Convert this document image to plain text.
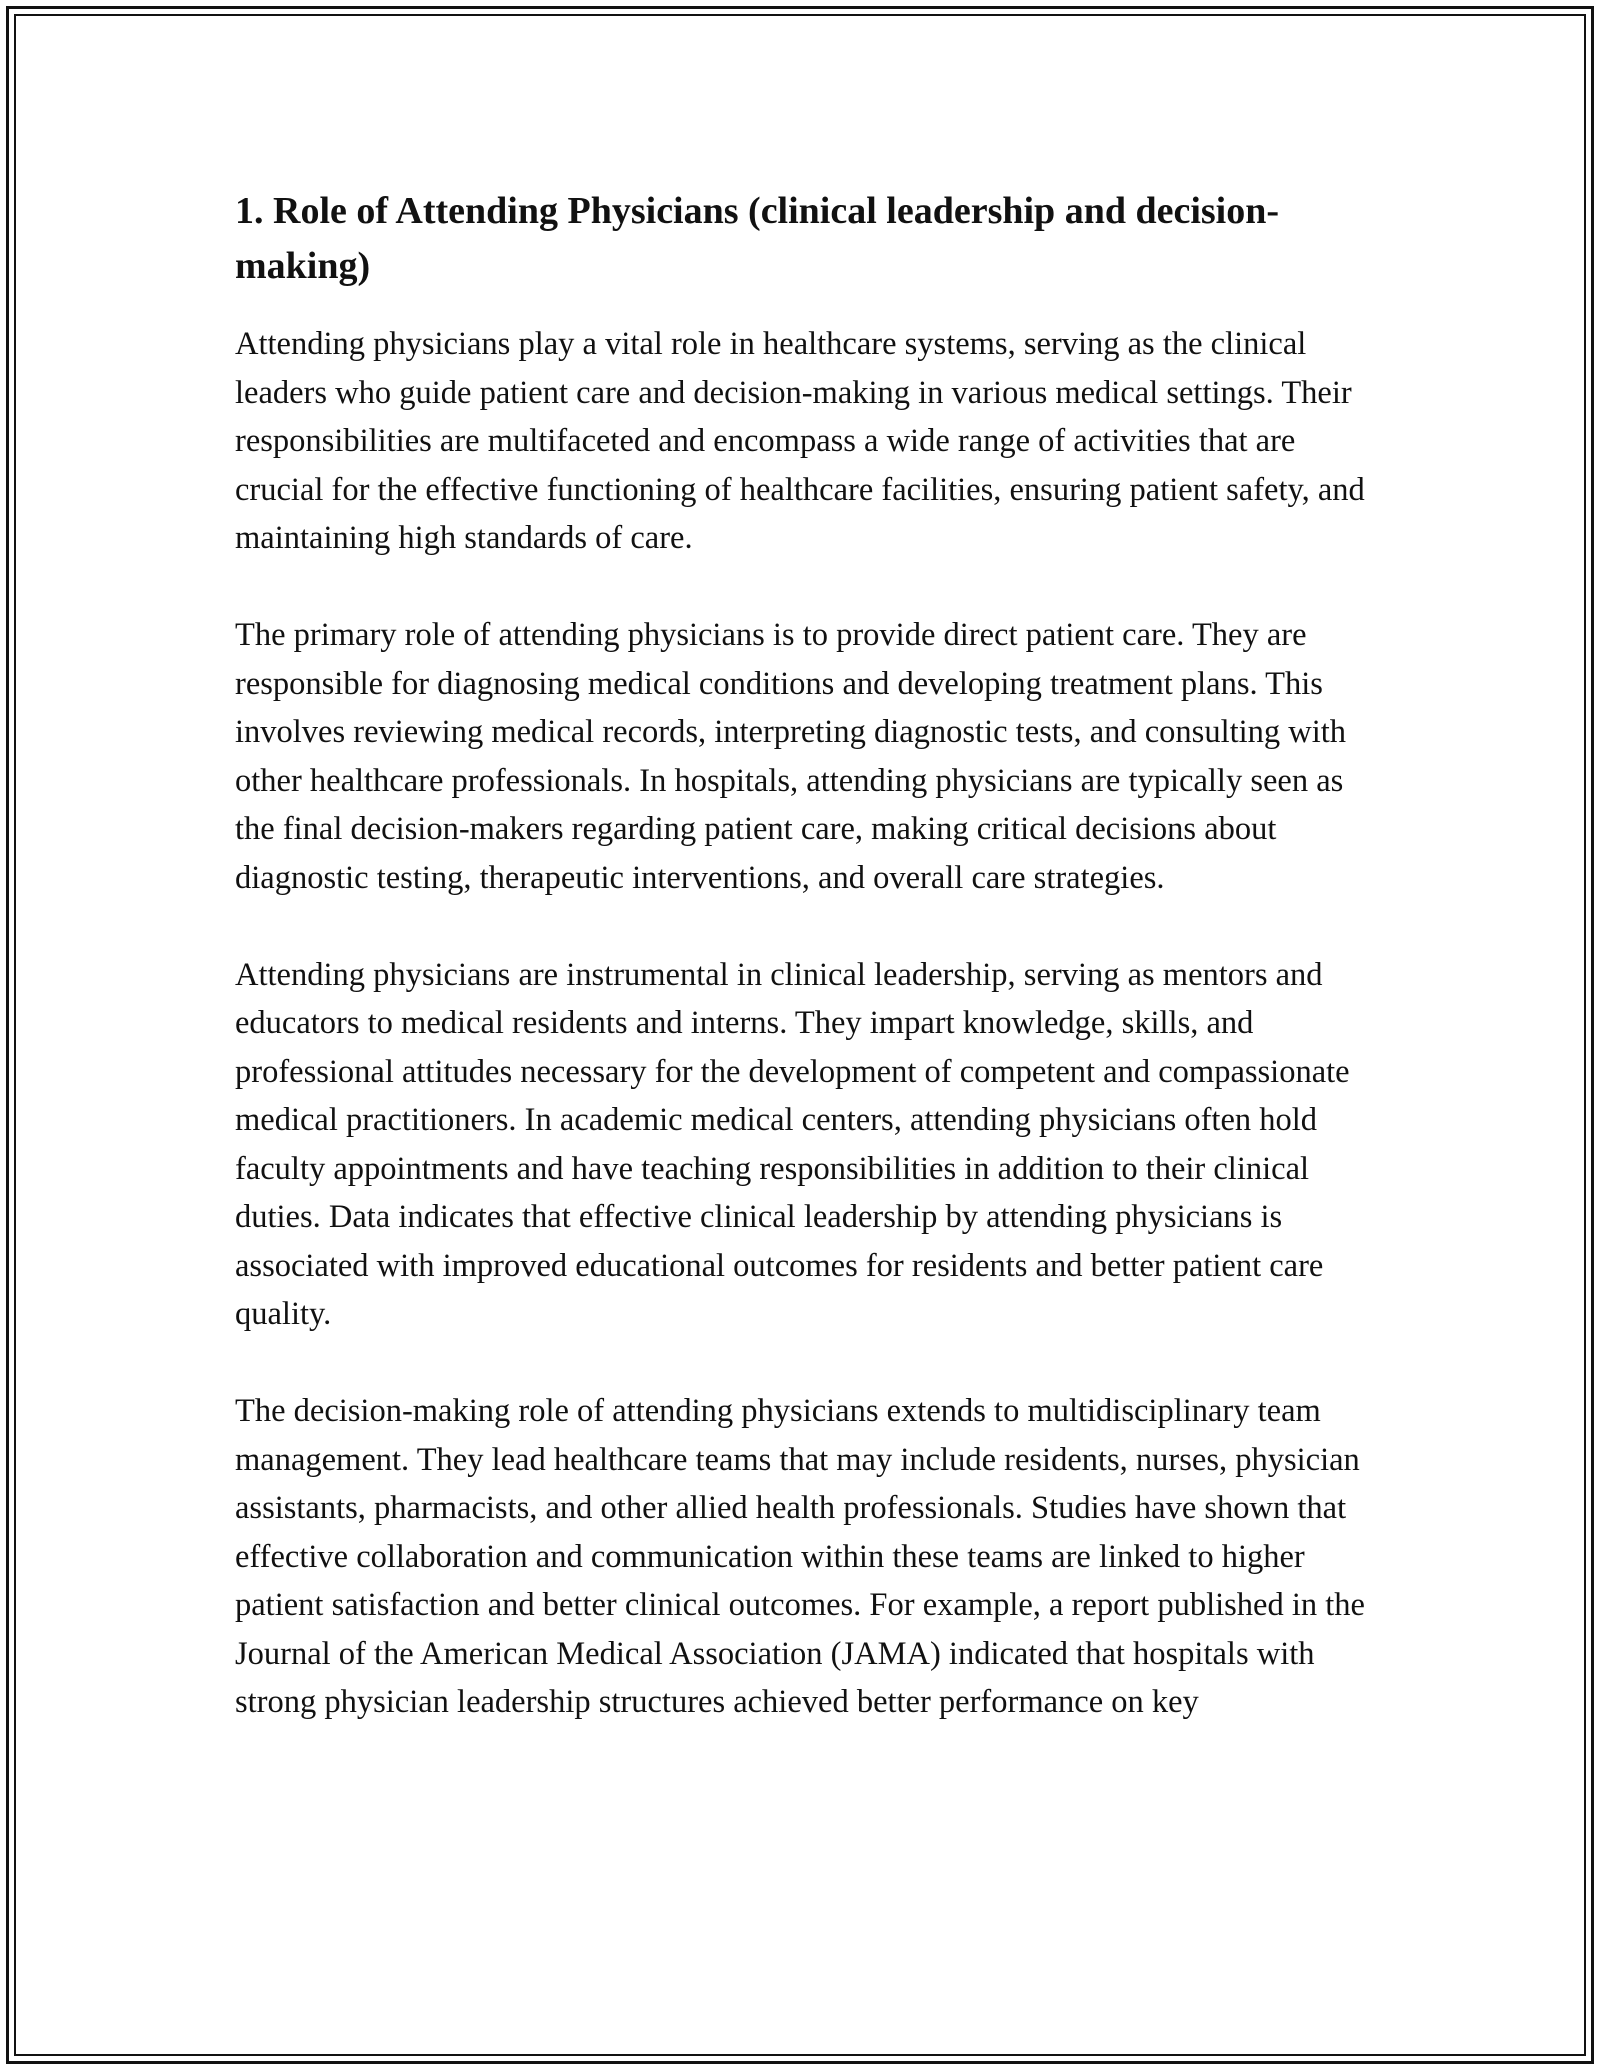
1. Role of Attending Physicians (clinical leadership and decision-making)

Attending physicians play a vital role in healthcare systems, serving as the clinical leaders who guide patient care and decision-making in various medical settings. Their responsibilities are multifaceted and encompass a wide range of activities that are crucial for the effective functioning of healthcare facilities, ensuring patient safety, and maintaining high standards of care.

The primary role of attending physicians is to provide direct patient care. They are responsible for diagnosing medical conditions and developing treatment plans. This involves reviewing medical records, interpreting diagnostic tests, and consulting with other healthcare professionals. In hospitals, attending physicians are typically seen as the final decision-makers regarding patient care, making critical decisions about diagnostic testing, therapeutic interventions, and overall care strategies.

Attending physicians are instrumental in clinical leadership, serving as mentors and educators to medical residents and interns. They impart knowledge, skills, and professional attitudes necessary for the development of competent and compassionate medical practitioners. In academic medical centers, attending physicians often hold faculty appointments and have teaching responsibilities in addition to their clinical duties. Data indicates that effective clinical leadership by attending physicians is associated with improved educational outcomes for residents and better patient care quality.

The decision-making role of attending physicians extends to multidisciplinary team management. They lead healthcare teams that may include residents, nurses, physician assistants, pharmacists, and other allied health professionals. Studies have shown that effective collaboration and communication within these teams are linked to higher patient satisfaction and better clinical outcomes. For example, a report published in the Journal of the American Medical Association (JAMA) indicated that hospitals with strong physician leadership structures achieved better performance on key
